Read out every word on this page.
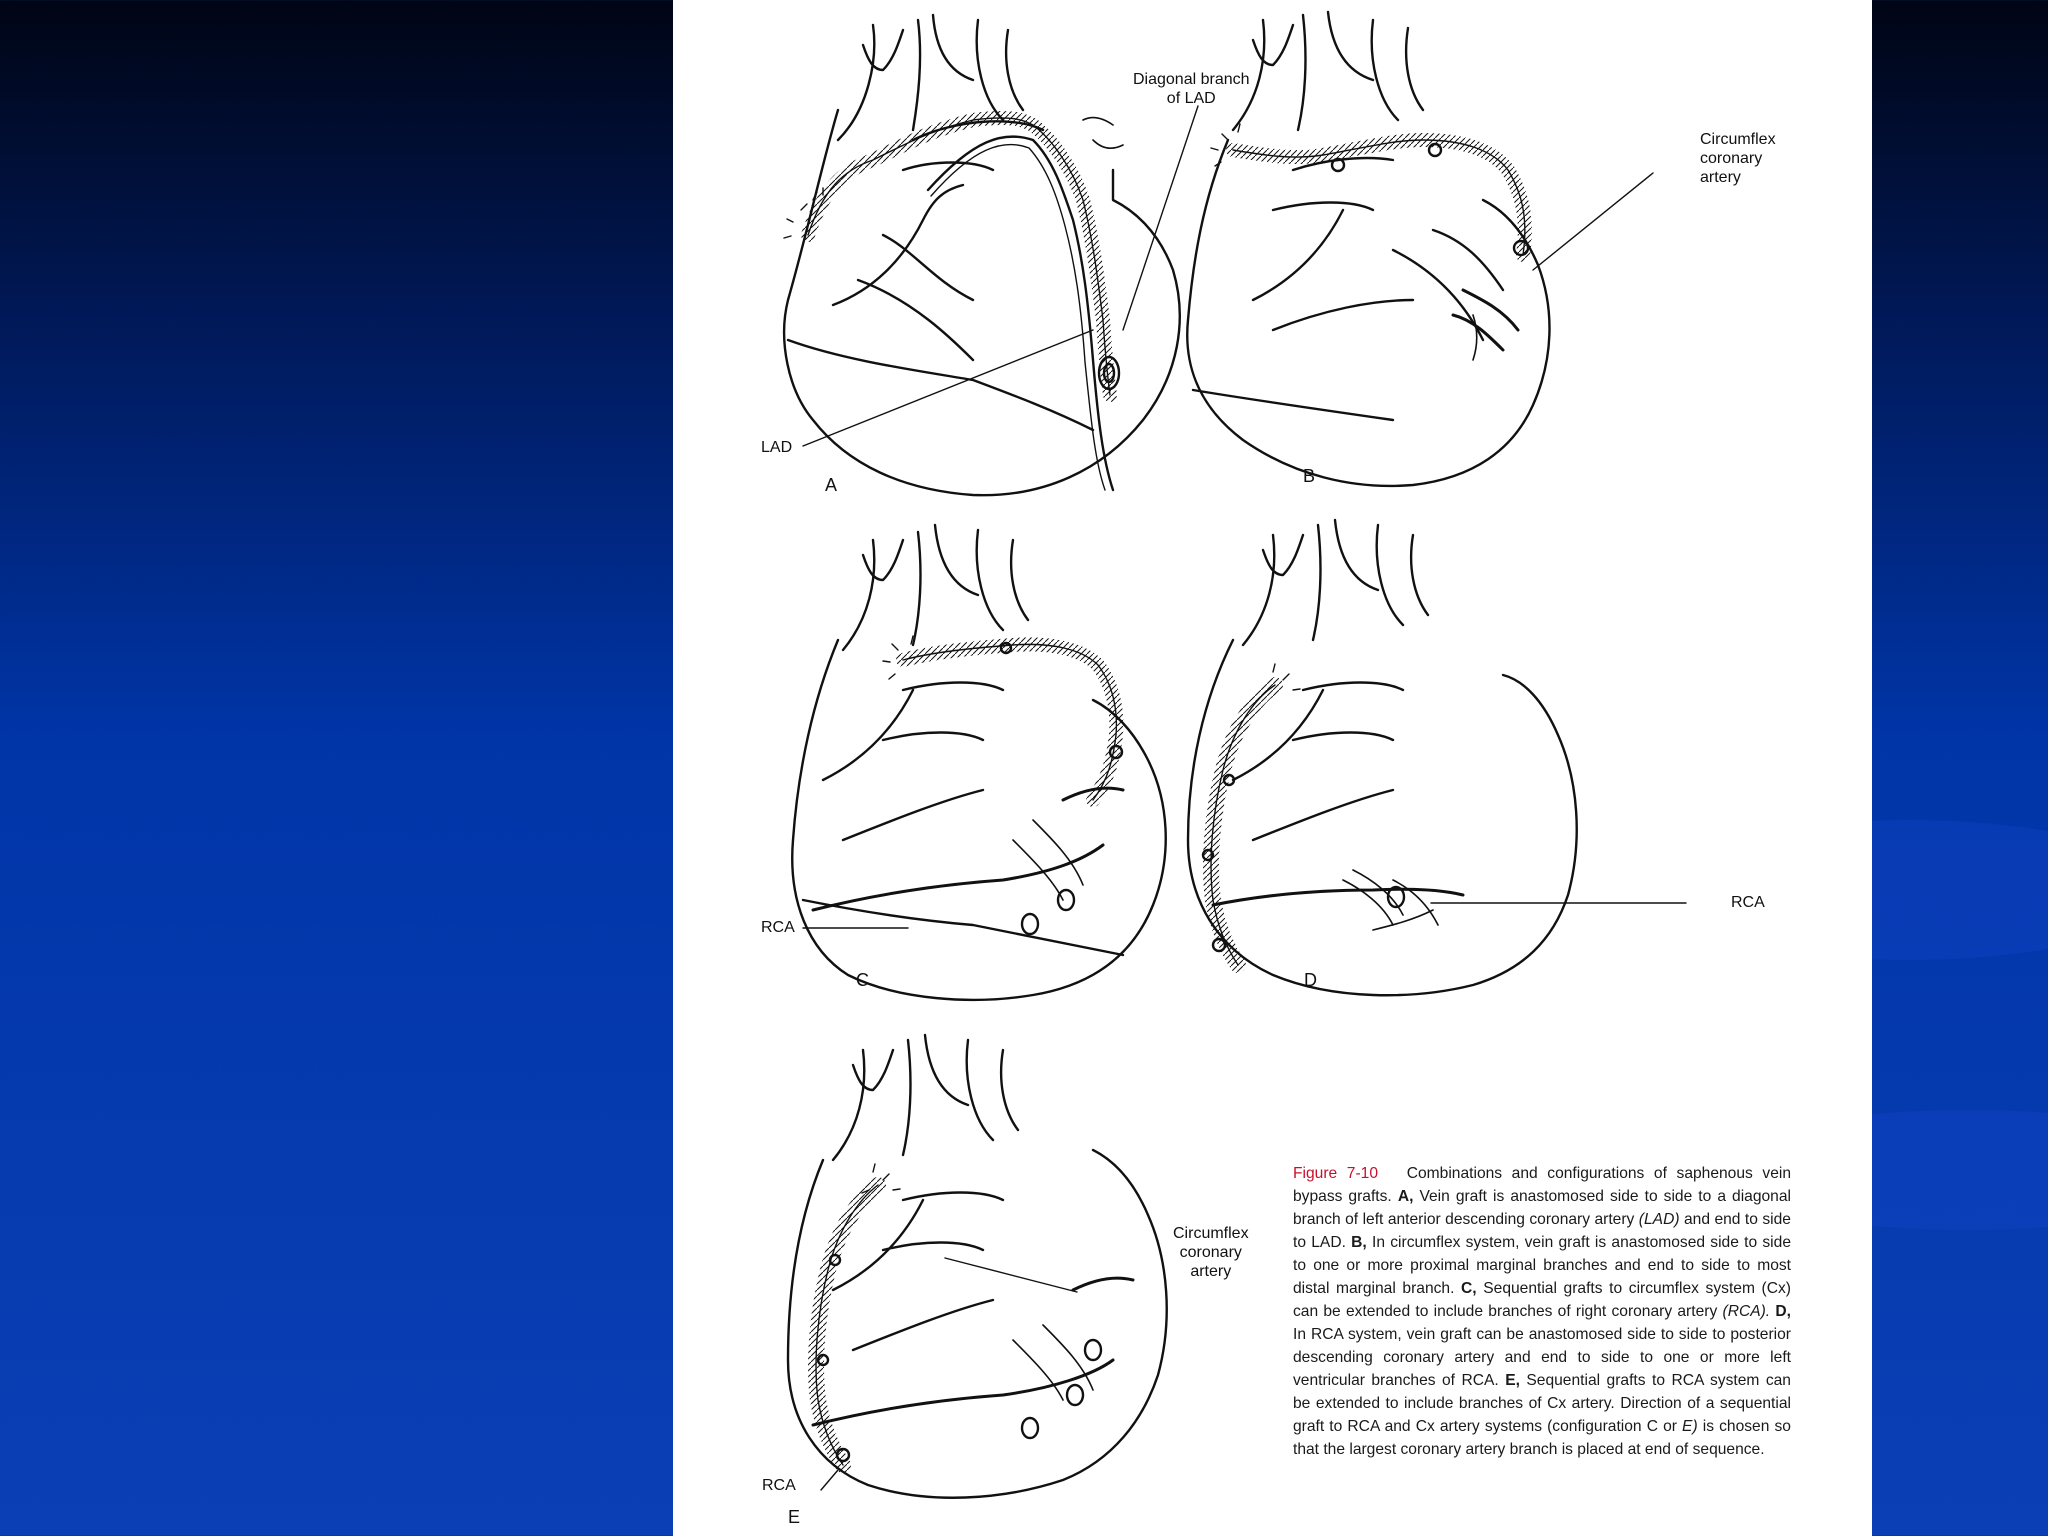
Diagonal branch
of LAD
LAD
A
Circumflex
coronary
artery
B
RCA
C
RCA
D
Circumflex
coronary
artery
RCA
E
Figure 7-10 Combinations and configurations of saphenous vein bypass grafts. A, Vein graft is anastomosed side to side to a diagonal branch of left anterior descending coronary artery (LAD) and end to side to LAD. B, In circumflex system, vein graft is anastomosed side to side to one or more proximal marginal branches and end to side to most distal marginal branch. C, Sequential grafts to circumflex system (Cx) can be extended to include branches of right coronary artery (RCA). D, In RCA system, vein graft can be anastomosed side to side to posterior descending coronary artery and end to side to one or more left ventricular branches of RCA. E, Sequential grafts to RCA system can be extended to include branches of Cx artery. Direction of a sequential graft to RCA and Cx artery systems (configuration C or E) is chosen so that the largest coronary artery branch is placed at end of sequence.
